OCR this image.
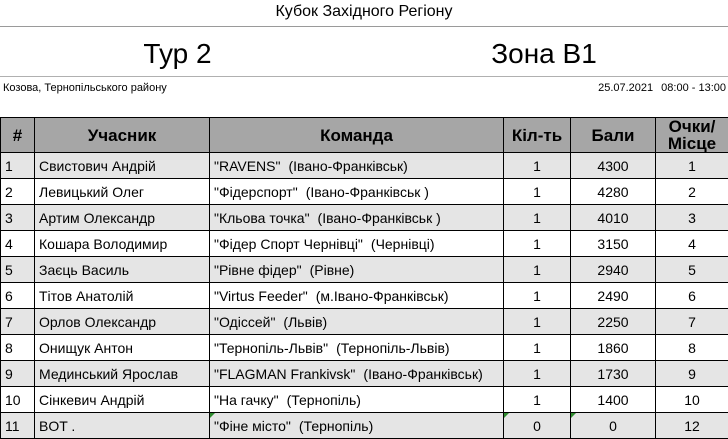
Кубок Західного Регіону
Тур 2	Зона В1
Козова, Тернопільського району	25.07.2021 08:00 - 13:00
#	Учасник	Команда	Кіл-ть	Бали	Очки/
Місце
1	Свистович Андрій	"RAVENS" (Івано-Франківськ)	1	4300	1
2	Левицький Олег	"Фідерспорт" (Івано-Франківськ )	1	4280	2
3	Артим Олександр	"Кльова точка" (Івано-Франківськ )	1	4010	3
4	Кошара Володимир	"Фідер Спорт Чернівці" (Чернівці)	1	3150	4
5	Заєць Василь	"Рівне фідер" (Рівне)	1	2940	5
6	Тітов Анатолій	"Virtus Feeder" (м.Івано-Франківськ)	1	2490	6
7	Орлов Олександр	"Одіссей" (Львів)	1	2250	7
8	Онищук Антон	"Тернопіль-Львів" (Тернопіль-Львів)	1	1860	8
9	Мединський Ярослав	"FLAGMAN Frankivsk" (Івано-Франківськ)	1	1730	9
10	Сінкевич Андрій	"На гачку" (Тернопіль)	1	1400	10
11	BOT .	"Фіне місто" (Тернопіль)	0	0	12
